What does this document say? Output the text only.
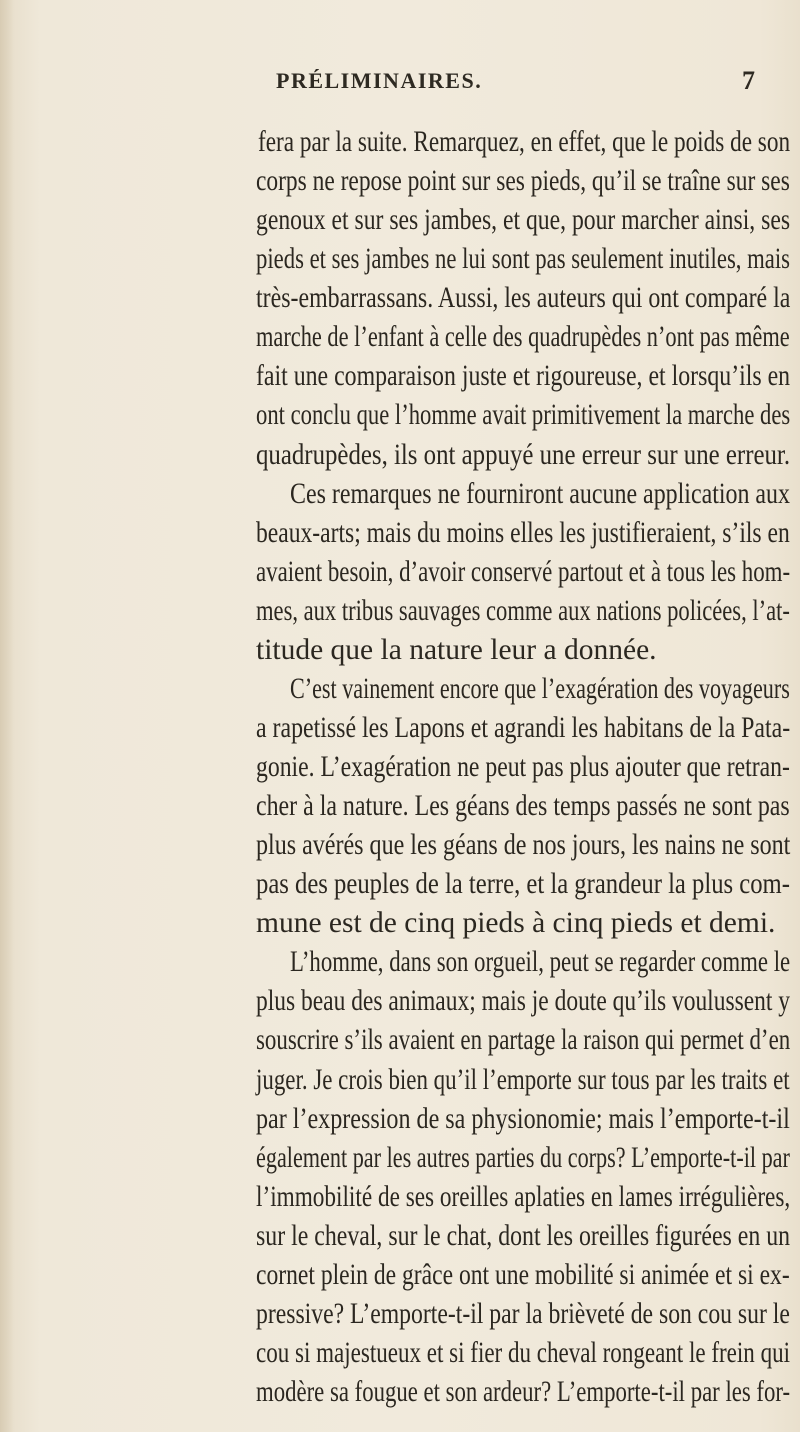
PRÉLIMINAIRES.	7
fera par la suite. Remarquez, en effet, que le poids de son
corps ne repose point sur ses pieds, qu’il se traîne sur ses
genoux et sur ses jambes, et que, pour marcher ainsi, ses
pieds et ses jambes ne lui sont pas seulement inutiles, mais
très-embarrassans. Aussi, les auteurs qui ont comparé la
marche de l’enfant à celle des quadrupèdes n’ont pas même
fait une comparaison juste et rigoureuse, et lorsqu’ils en
ont conclu que l’homme avait primitivement la marche des
quadrupèdes, ils ont appuyé une erreur sur une erreur.
Ces remarques ne fourniront aucune application aux
beaux-arts; mais du moins elles les justifieraient, s’ils en
avaient besoin, d’avoir conservé partout et à tous les hom-
mes, aux tribus sauvages comme aux nations policées, l’at-
titude que la nature leur a donnée.
C’est vainement encore que l’exagération des voyageurs
a rapetissé les Lapons et agrandi les habitans de la Pata-
gonie. L’exagération ne peut pas plus ajouter que retran-
cher à la nature. Les géans des temps passés ne sont pas
plus avérés que les géans de nos jours, les nains ne sont
pas des peuples de la terre, et la grandeur la plus com-
mune est de cinq pieds à cinq pieds et demi.
L’homme, dans son orgueil, peut se regarder comme le
plus beau des animaux; mais je doute qu’ils voulussent y
souscrire s’ils avaient en partage la raison qui permet d’en
juger. Je crois bien qu’il l’emporte sur tous par les traits et
par l’expression de sa physionomie; mais l’emporte-t-il
également par les autres parties du corps? L’emporte-t-il par
l’immobilité de ses oreilles aplaties en lames irrégulières,
sur le cheval, sur le chat, dont les oreilles figurées en un
cornet plein de grâce ont une mobilité si animée et si ex-
pressive? L’emporte-t-il par la brièveté de son cou sur le
cou si majestueux et si fier du cheval rongeant le frein qui
modère sa fougue et son ardeur? L’emporte-t-il par les for-
